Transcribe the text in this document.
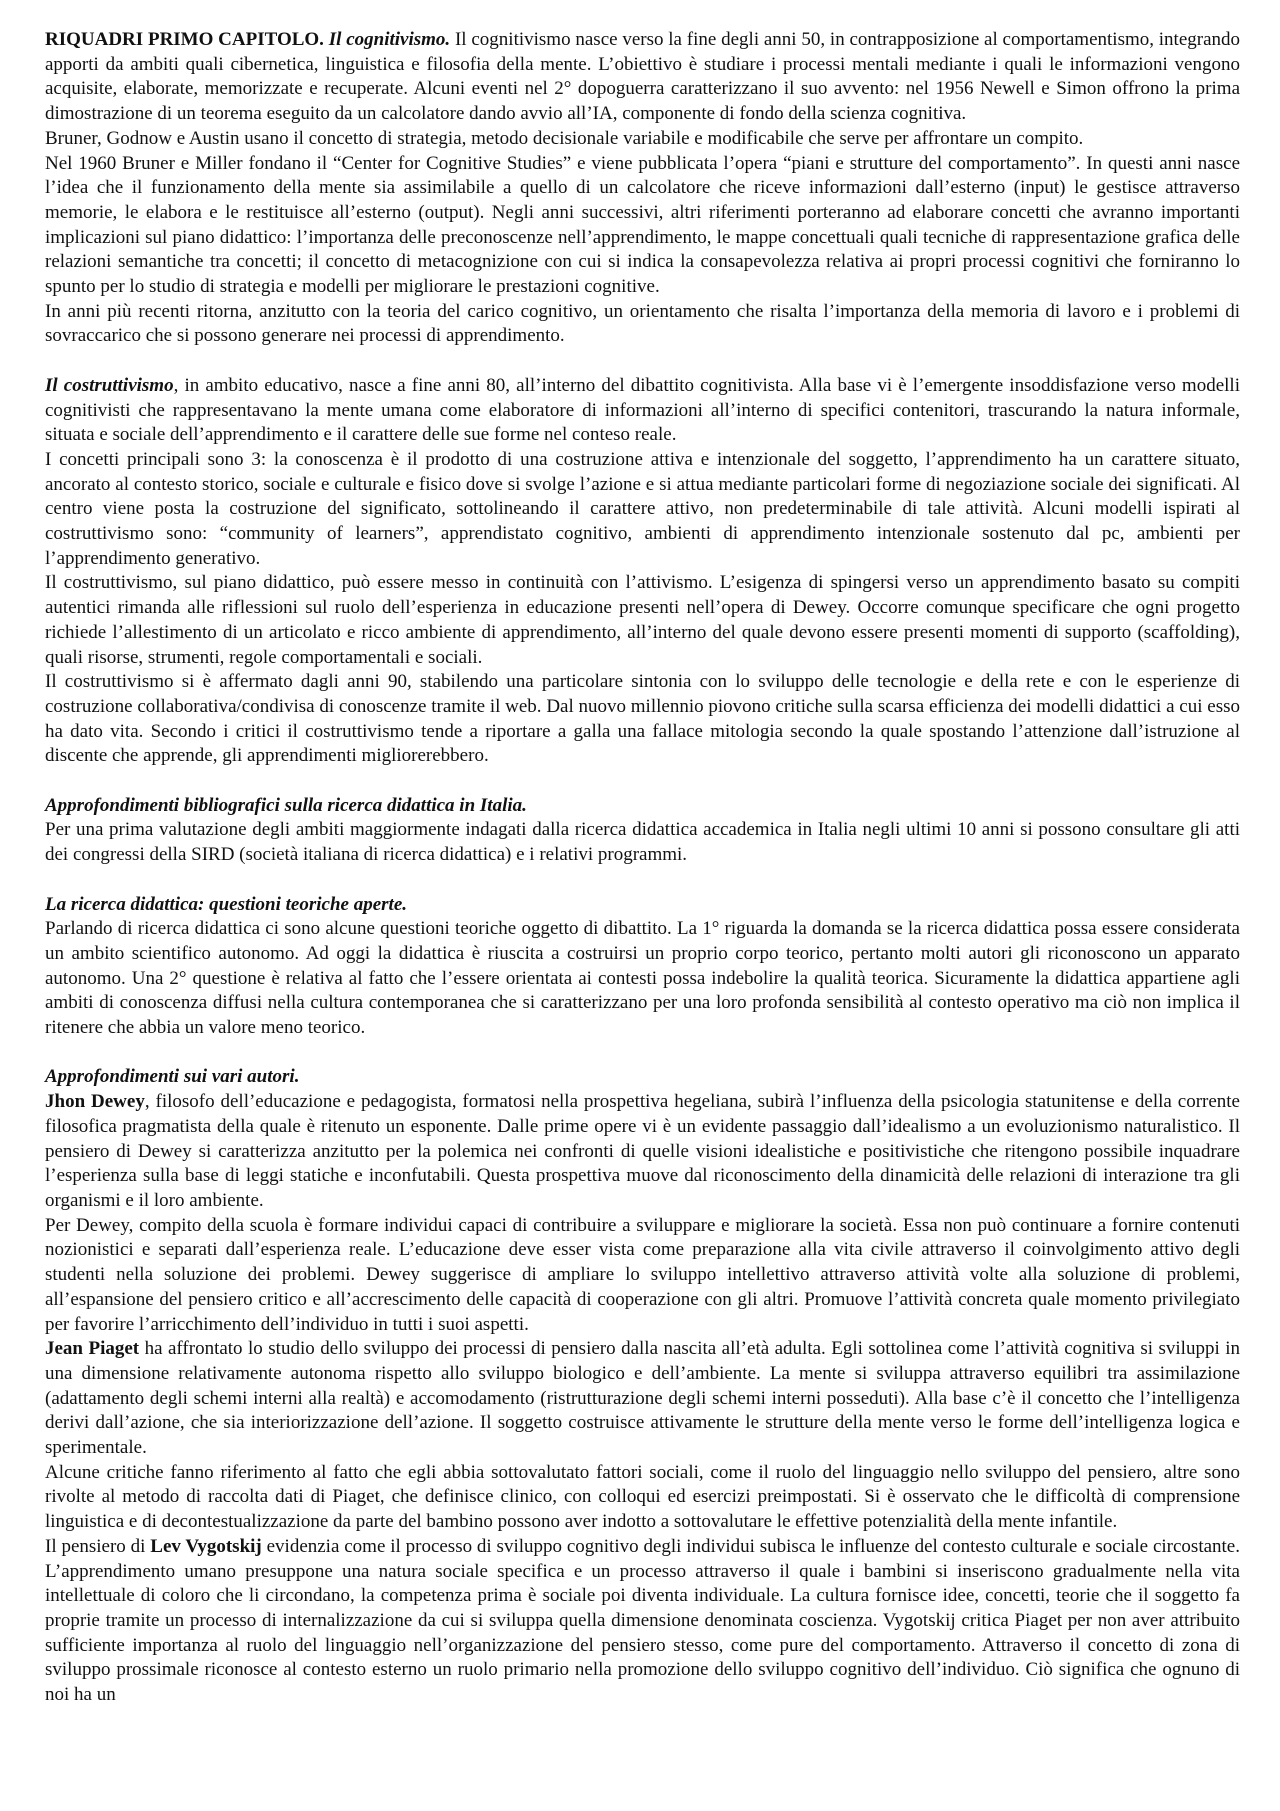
RIQUADRI PRIMO CAPITOLO. Il cognitivismo. Il cognitivismo nasce verso la fine degli anni 50, in contrapposizione al comportamentismo, integrando apporti da ambiti quali cibernetica, linguistica e filosofia della mente. L’obiettivo è studiare i processi mentali mediante i quali le informazioni vengono acquisite, elaborate, memorizzate e recuperate. Alcuni eventi nel 2° dopoguerra caratterizzano il suo avvento: nel 1956 Newell e Simon offrono la prima dimostrazione di un teorema eseguito da un calcolatore dando avvio all’IA, componente di fondo della scienza cognitiva.

Bruner, Godnow e Austin usano il concetto di strategia, metodo decisionale variabile e modificabile che serve per affrontare un compito.

Nel 1960 Bruner e Miller fondano il “Center for Cognitive Studies” e viene pubblicata l’opera “piani e strutture del comportamento”. In questi anni nasce l’idea che il funzionamento della mente sia assimilabile a quello di un calcolatore che riceve informazioni dall’esterno (input) le gestisce attraverso memorie, le elabora e le restituisce all’esterno (output). Negli anni successivi, altri riferimenti porteranno ad elaborare concetti che avranno importanti implicazioni sul piano didattico: l’importanza delle preconoscenze nell’apprendimento, le mappe concettuali quali tecniche di rappresentazione grafica delle relazioni semantiche tra concetti; il concetto di metacognizione con cui si indica la consapevolezza relativa ai propri processi cognitivi che forniranno lo spunto per lo studio di strategia e modelli per migliorare le prestazioni cognitive.

In anni più recenti ritorna, anzitutto con la teoria del carico cognitivo, un orientamento che risalta l’importanza della memoria di lavoro e i problemi di sovraccarico che si possono generare nei processi di apprendimento.

Il costruttivismo, in ambito educativo, nasce a fine anni 80, all’interno del dibattito cognitivista. Alla base vi è l’emergente insoddisfazione verso modelli cognitivisti che rappresentavano la mente umana come elaboratore di informazioni all’interno di specifici contenitori, trascurando la natura informale, situata e sociale dell’apprendimento e il carattere delle sue forme nel conteso reale.

I concetti principali sono 3: la conoscenza è il prodotto di una costruzione attiva e intenzionale del soggetto, l’apprendimento ha un carattere situato, ancorato al contesto storico, sociale e culturale e fisico dove si svolge l’azione e si attua mediante particolari forme di negoziazione sociale dei significati. Al centro viene posta la costruzione del significato, sottolineando il carattere attivo, non predeterminabile di tale attività. Alcuni modelli ispirati al costruttivismo sono: “community of learners”, apprendistato cognitivo, ambienti di apprendimento intenzionale sostenuto dal pc, ambienti per l’apprendimento generativo.

Il costruttivismo, sul piano didattico, può essere messo in continuità con l’attivismo. L’esigenza di spingersi verso un apprendimento basato su compiti autentici rimanda alle riflessioni sul ruolo dell’esperienza in educazione presenti nell’opera di Dewey. Occorre comunque specificare che ogni progetto richiede l’allestimento di un articolato e ricco ambiente di apprendimento, all’interno del quale devono essere presenti momenti di supporto (scaffolding), quali risorse, strumenti, regole comportamentali e sociali.

Il costruttivismo si è affermato dagli anni 90, stabilendo una particolare sintonia con lo sviluppo delle tecnologie e della rete e con le esperienze di costruzione collaborativa/condivisa di conoscenze tramite il web. Dal nuovo millennio piovono critiche sulla scarsa efficienza dei modelli didattici a cui esso ha dato vita. Secondo i critici il costruttivismo tende a riportare a galla una fallace mitologia secondo la quale spostando l’attenzione dall’istruzione al discente che apprende, gli apprendimenti migliorerebbero.

Approfondimenti bibliografici sulla ricerca didattica in Italia.

Per una prima valutazione degli ambiti maggiormente indagati dalla ricerca didattica accademica in Italia negli ultimi 10 anni si possono consultare gli atti dei congressi della SIRD (società italiana di ricerca didattica) e i relativi programmi.

La ricerca didattica: questioni teoriche aperte.

Parlando di ricerca didattica ci sono alcune questioni teoriche oggetto di dibattito. La 1° riguarda la domanda se la ricerca didattica possa essere considerata un ambito scientifico autonomo. Ad oggi la didattica è riuscita a costruirsi un proprio corpo teorico, pertanto molti autori gli riconoscono un apparato autonomo. Una 2° questione è relativa al fatto che l’essere orientata ai contesti possa indebolire la qualità teorica. Sicuramente la didattica appartiene agli ambiti di conoscenza diffusi nella cultura contemporanea che si caratterizzano per una loro profonda sensibilità al contesto operativo ma ciò non implica il ritenere che abbia un valore meno teorico.

Approfondimenti sui vari autori.

Jhon Dewey, filosofo dell’educazione e pedagogista, formatosi nella prospettiva hegeliana, subirà l’influenza della psicologia statunitense e della corrente filosofica pragmatista della quale è ritenuto un esponente. Dalle prime opere vi è un evidente passaggio dall’idealismo a un evoluzionismo naturalistico. Il pensiero di Dewey si caratterizza anzitutto per la polemica nei confronti di quelle visioni idealistiche e positivistiche che ritengono possibile inquadrare l’esperienza sulla base di leggi statiche e inconfutabili. Questa prospettiva muove dal riconoscimento della dinamicità delle relazioni di interazione tra gli organismi e il loro ambiente.

Per Dewey, compito della scuola è formare individui capaci di contribuire a sviluppare e migliorare la società. Essa non può continuare a fornire contenuti nozionistici e separati dall’esperienza reale. L’educazione deve esser vista come preparazione alla vita civile attraverso il coinvolgimento attivo degli studenti nella soluzione dei problemi. Dewey suggerisce di ampliare lo sviluppo intellettivo attraverso attività volte alla soluzione di problemi, all’espansione del pensiero critico e all’accrescimento delle capacità di cooperazione con gli altri. Promuove l’attività concreta quale momento privilegiato per favorire l’arricchimento dell’individuo in tutti i suoi aspetti.

Jean Piaget ha affrontato lo studio dello sviluppo dei processi di pensiero dalla nascita all’età adulta. Egli sottolinea come l’attività cognitiva si sviluppi in una dimensione relativamente autonoma rispetto allo sviluppo biologico e dell’ambiente. La mente si sviluppa attraverso equilibri tra assimilazione (adattamento degli schemi interni alla realtà) e accomodamento (ristrutturazione degli schemi interni posseduti). Alla base c’è il concetto che l’intelligenza derivi dall’azione, che sia interiorizzazione dell’azione. Il soggetto costruisce attivamente le strutture della mente verso le forme dell’intelligenza logica e sperimentale.

Alcune critiche fanno riferimento al fatto che egli abbia sottovalutato fattori sociali, come il ruolo del linguaggio nello sviluppo del pensiero, altre sono rivolte al metodo di raccolta dati di Piaget, che definisce clinico, con colloqui ed esercizi preimpostati. Si è osservato che le difficoltà di comprensione linguistica e di decontestualizzazione da parte del bambino possono aver indotto a sottovalutare le effettive potenzialità della mente infantile.

Il pensiero di Lev Vygotskij evidenzia come il processo di sviluppo cognitivo degli individui subisca le influenze del contesto culturale e sociale circostante. L’apprendimento umano presuppone una natura sociale specifica e un processo attraverso il quale i bambini si inseriscono gradualmente nella vita intellettuale di coloro che li circondano, la competenza prima è sociale poi diventa individuale. La cultura fornisce idee, concetti, teorie che il soggetto fa proprie tramite un processo di internalizzazione da cui si sviluppa quella dimensione denominata coscienza. Vygotskij critica Piaget per non aver attribuito sufficiente importanza al ruolo del linguaggio nell’organizzazione del pensiero stesso, come pure del comportamento. Attraverso il concetto di zona di sviluppo prossimale riconosce al contesto esterno un ruolo primario nella promozione dello sviluppo cognitivo dell’individuo. Ciò significa che ognuno di noi ha un
